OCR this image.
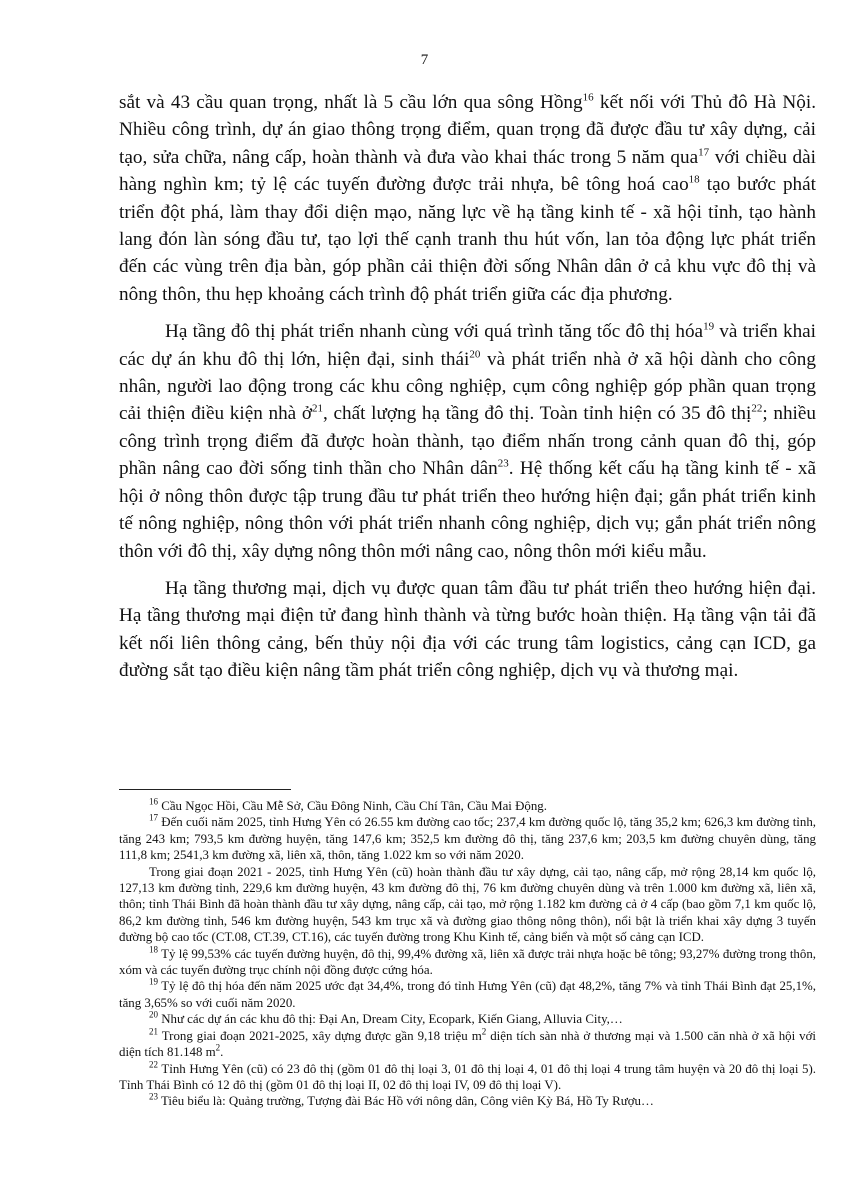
7

sắt và 43 cầu quan trọng, nhất là 5 cầu lớn qua sông Hồng$^{16}$ kết nối với Thủ đô Hà Nội. Nhiều công trình, dự án giao thông trọng điểm, quan trọng đã được đầu tư xây dựng, cải tạo, sửa chữa, nâng cấp, hoàn thành và đưa vào khai thác trong 5 năm qua$^{17}$ với chiều dài hàng nghìn km; tỷ lệ các tuyến đường được trải nhựa, bê tông hoá cao$^{18}$ tạo bước phát triển đột phá, làm thay đổi diện mạo, năng lực về hạ tầng kinh tế - xã hội tỉnh, tạo hành lang đón làn sóng đầu tư, tạo lợi thế cạnh tranh thu hút vốn, lan tỏa động lực phát triển đến các vùng trên địa bàn, góp phần cải thiện đời sống Nhân dân ở cả khu vực đô thị và nông thôn, thu hẹp khoảng cách trình độ phát triển giữa các địa phương.

Hạ tầng đô thị phát triển nhanh cùng với quá trình tăng tốc đô thị hóa$^{19}$ và triển khai các dự án khu đô thị lớn, hiện đại, sinh thái$^{20}$ và phát triển nhà ở xã hội dành cho công nhân, người lao động trong các khu công nghiệp, cụm công nghiệp góp phần quan trọng cải thiện điều kiện nhà ở$^{21}$, chất lượng hạ tầng đô thị. Toàn tỉnh hiện có 35 đô thị$^{22}$; nhiều công trình trọng điểm đã được hoàn thành, tạo điểm nhấn trong cảnh quan đô thị, góp phần nâng cao đời sống tinh thần cho Nhân dân$^{23}$. Hệ thống kết cấu hạ tầng kinh tế - xã hội ở nông thôn được tập trung đầu tư phát triển theo hướng hiện đại; gắn phát triển kinh tế nông nghiệp, nông thôn với phát triển nhanh công nghiệp, dịch vụ; gắn phát triển nông thôn với đô thị, xây dựng nông thôn mới nâng cao, nông thôn mới kiểu mẫu.

Hạ tầng thương mại, dịch vụ được quan tâm đầu tư phát triển theo hướng hiện đại. Hạ tầng thương mại điện tử đang hình thành và từng bước hoàn thiện. Hạ tầng vận tải đã kết nối liên thông cảng, bến thủy nội địa với các trung tâm logistics, cảng cạn ICD, ga đường sắt tạo điều kiện nâng tầm phát triển công nghiệp, dịch vụ và thương mại.

$^{16}$ Cầu Ngọc Hồi, Cầu Mễ Sở, Cầu Đông Ninh, Cầu Chí Tân, Cầu Mai Động.

$^{17}$ Đến cuối năm 2025, tỉnh Hưng Yên có 26.55 km đường cao tốc; 237,4 km đường quốc lộ, tăng 35,2 km; 626,3 km đường tỉnh, tăng 243 km; 793,5 km đường huyện, tăng 147,6 km; 352,5 km đường đô thị, tăng 237,6 km; 203,5 km đường chuyên dùng, tăng 111,8 km; 2541,3 km đường xã, liên xã, thôn, tăng 1.022 km so với năm 2020.

Trong giai đoạn 2021 - 2025, tỉnh Hưng Yên (cũ) hoàn thành đầu tư xây dựng, cải tạo, nâng cấp, mở rộng 28,14 km quốc lộ, 127,13 km đường tỉnh, 229,6 km đường huyện, 43 km đường đô thị, 76 km đường chuyên dùng và trên 1.000 km đường xã, liên xã, thôn; tỉnh Thái Bình đã hoàn thành đầu tư xây dựng, nâng cấp, cải tạo, mở rộng 1.182 km đường cả ở 4 cấp (bao gồm 7,1 km quốc lộ, 86,2 km đường tỉnh, 546 km đường huyện, 543 km trục xã và đường giao thông nông thôn), nổi bật là triển khai xây dựng 3 tuyến đường bộ cao tốc (CT.08, CT.39, CT.16), các tuyến đường trong Khu Kinh tế, cảng biển và một số cảng cạn ICD.

$^{18}$ Tỷ lệ 99,53% các tuyến đường huyện, đô thị, 99,4% đường xã, liên xã được trải nhựa hoặc bê tông; 93,27% đường trong thôn, xóm và các tuyến đường trục chính nội đồng được cứng hóa.

$^{19}$ Tỷ lệ đô thị hóa đến năm 2025 ước đạt 34,4%, trong đó tỉnh Hưng Yên (cũ) đạt 48,2%, tăng 7% và tỉnh Thái Bình đạt 25,1%, tăng 3,65% so với cuối năm 2020.

$^{20}$ Như các dự án các khu đô thị: Đại An, Dream City, Ecopark, Kiến Giang, Alluvia City,…

$^{21}$ Trong giai đoạn 2021-2025, xây dựng được gần 9,18 triệu $m^2$ diện tích sàn nhà ở thương mại và 1.500 căn nhà ở xã hội với diện tích 81.148 $m^2$.

$^{22}$ Tỉnh Hưng Yên (cũ) có 23 đô thị (gồm 01 đô thị loại 3, 01 đô thị loại 4, 01 đô thị loại 4 trung tâm huyện và 20 đô thị loại 5). Tỉnh Thái Bình có 12 đô thị (gồm 01 đô thị loại II, 02 đô thị loại IV, 09 đô thị loại V).

$^{23}$ Tiêu biểu là: Quảng trường, Tượng đài Bác Hồ với nông dân, Công viên Kỳ Bá, Hồ Ty Rượu…
